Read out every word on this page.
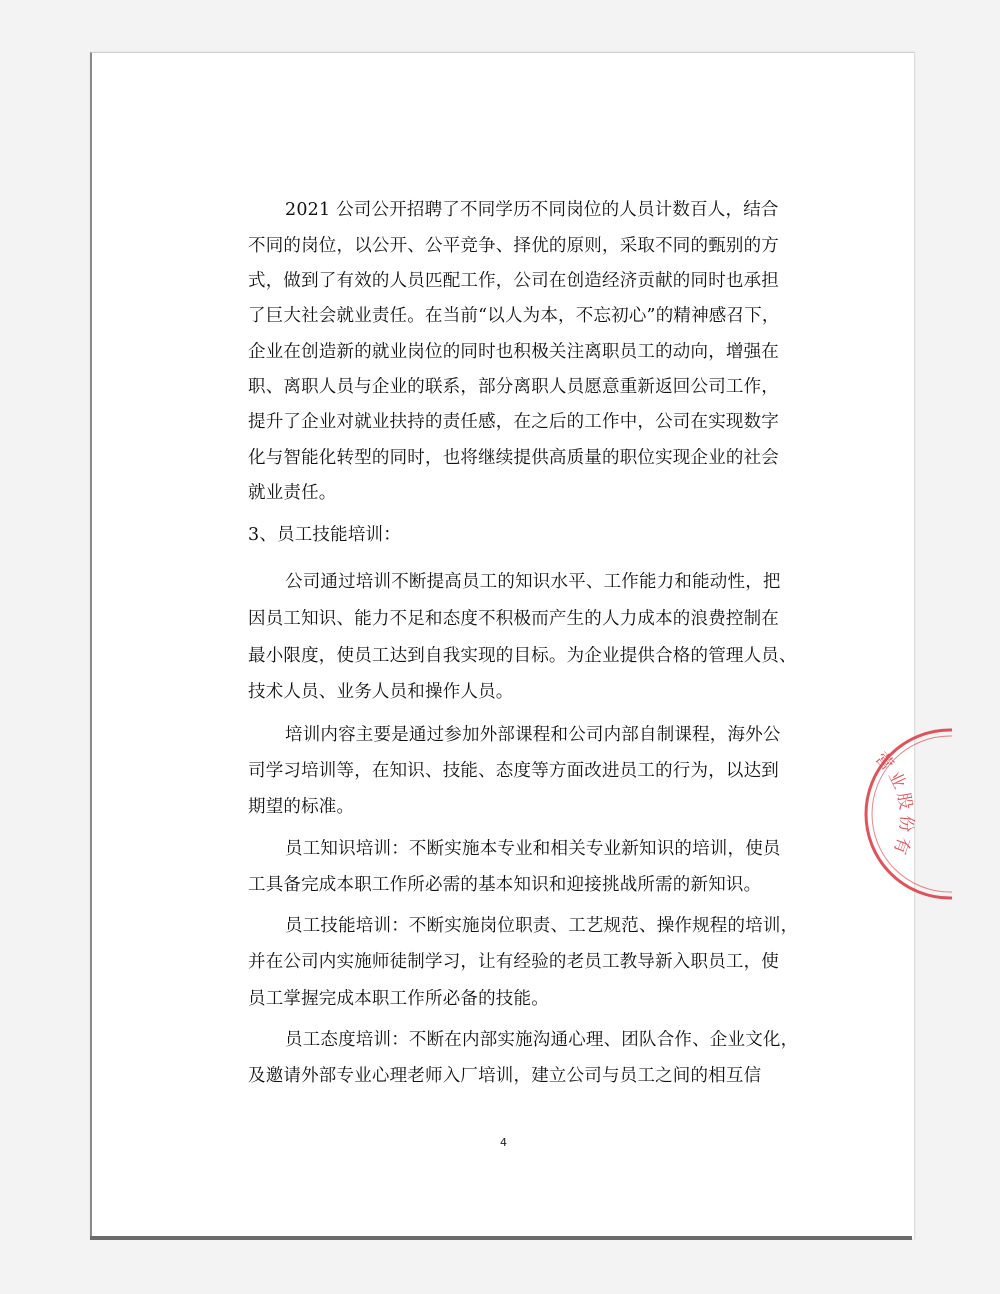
2021 公司公开招聘了不同学历不同岗位的人员计数百人，结合
不同的岗位，以公开、公平竞争、择优的原则，采取不同的甄别的方
式，做到了有效的人员匹配工作，公司在创造经济贡献的同时也承担
了巨大社会就业责任。在当前“以人为本，不忘初心”的精神感召下，
企业在创造新的就业岗位的同时也积极关注离职员工的动向，增强在
职、离职人员与企业的联系，部分离职人员愿意重新返回公司工作，
提升了企业对就业扶持的责任感，在之后的工作中，公司在实现数字
化与智能化转型的同时，也将继续提供高质量的职位实现企业的社会
就业责任。
3、员工技能培训：
公司通过培训不断提高员工的知识水平、工作能力和能动性，把
因员工知识、能力不足和态度不积极而产生的人力成本的浪费控制在
最小限度，使员工达到自我实现的目标。为企业提供合格的管理人员、
技术人员、业务人员和操作人员。
培训内容主要是通过参加外部课程和公司内部自制课程，海外公
司学习培训等，在知识、技能、态度等方面改进员工的行为，以达到
期望的标准。
员工知识培训：不断实施本专业和相关专业新知识的培训，使员
工具备完成本职工作所必需的基本知识和迎接挑战所需的新知识。
员工技能培训：不断实施岗位职责、工艺规范、操作规程的培训，
并在公司内实施师徒制学习，让有经验的老员工教导新入职员工，使
员工掌握完成本职工作所必备的技能。
员工态度培训：不断在内部实施沟通心理、团队合作、企业文化，
及邀请外部专业心理老师入厂培训，建立公司与员工之间的相互信
4
营业股份有
